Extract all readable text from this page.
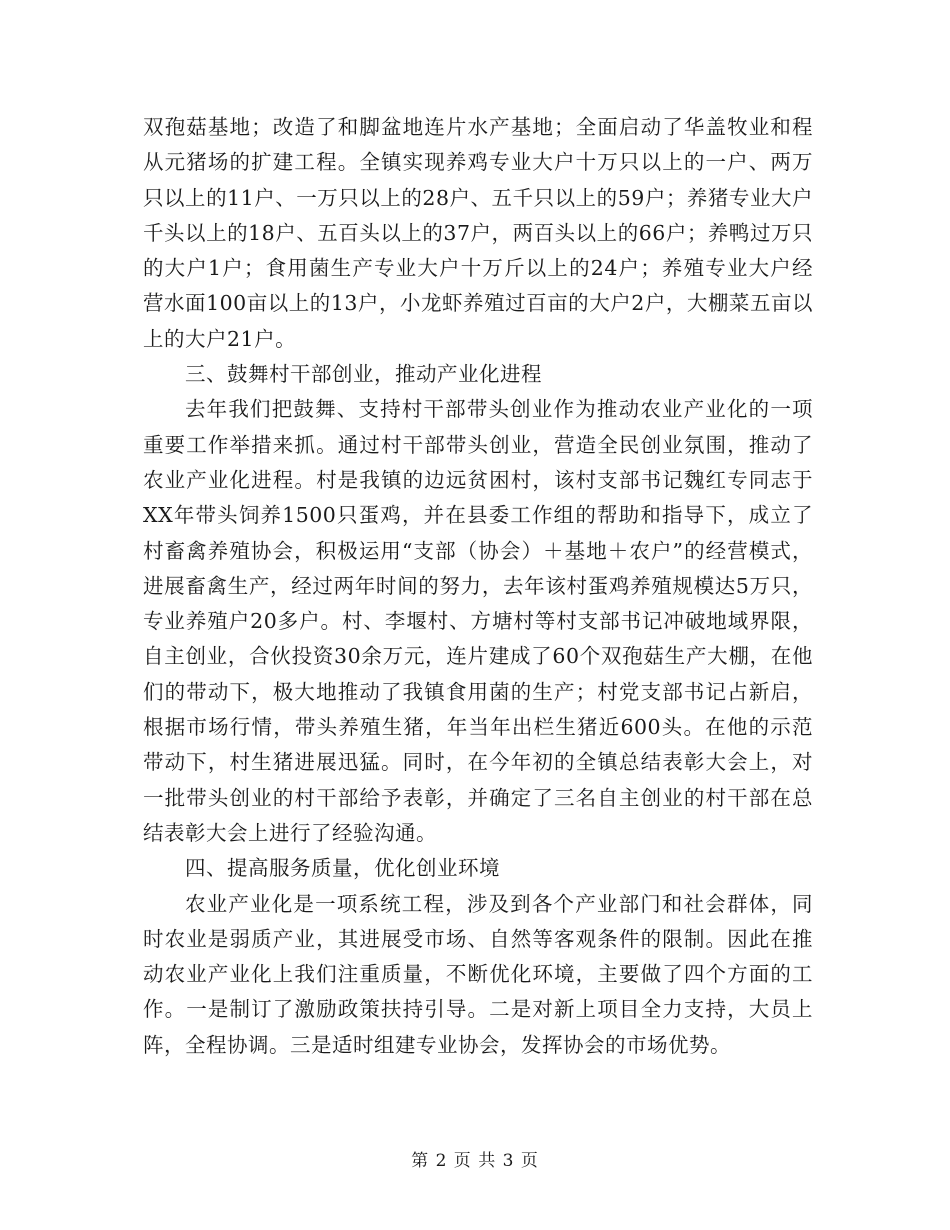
双孢菇基地；改造了和脚盆地连片水产基地；全面启动了华盖牧业和程从元猪场的扩建工程。全镇实现养鸡专业大户十万只以上的一户、两万只以上的11户、一万只以上的28户、五千只以上的59户；养猪专业大户千头以上的18户、五百头以上的37户，两百头以上的66户；养鸭过万只的大户1户；食用菌生产专业大户十万斤以上的24户；养殖专业大户经营水面100亩以上的13户，小龙虾养殖过百亩的大户2户，大棚菜五亩以上的大户21户。

三、鼓舞村干部创业，推动产业化进程

去年我们把鼓舞、支持村干部带头创业作为推动农业产业化的一项重要工作举措来抓。通过村干部带头创业，营造全民创业氛围，推动了农业产业化进程。村是我镇的边远贫困村，该村支部书记魏红专同志于XX年带头饲养1500只蛋鸡，并在县委工作组的帮助和指导下，成立了村畜禽养殖协会，积极运用“支部（协会）＋基地＋农户”的经营模式，进展畜禽生产，经过两年时间的努力，去年该村蛋鸡养殖规模达5万只，专业养殖户20多户。村、李堰村、方塘村等村支部书记冲破地域界限，自主创业，合伙投资30余万元，连片建成了60个双孢菇生产大棚，在他们的带动下，极大地推动了我镇食用菌的生产；村党支部书记占新启，根据市场行情，带头养殖生猪，年当年出栏生猪近600头。在他的示范带动下，村生猪进展迅猛。同时，在今年初的全镇总结表彰大会上，对一批带头创业的村干部给予表彰，并确定了三名自主创业的村干部在总结表彰大会上进行了经验沟通。

四、提高服务质量，优化创业环境

农业产业化是一项系统工程，涉及到各个产业部门和社会群体，同时农业是弱质产业，其进展受市场、自然等客观条件的限制。因此在推动农业产业化上我们注重质量，不断优化环境，主要做了四个方面的工作。一是制订了激励政策扶持引导。二是对新上项目全力支持，大员上阵，全程协调。三是适时组建专业协会，发挥协会的市场优势。

第 2 页 共 3 页
